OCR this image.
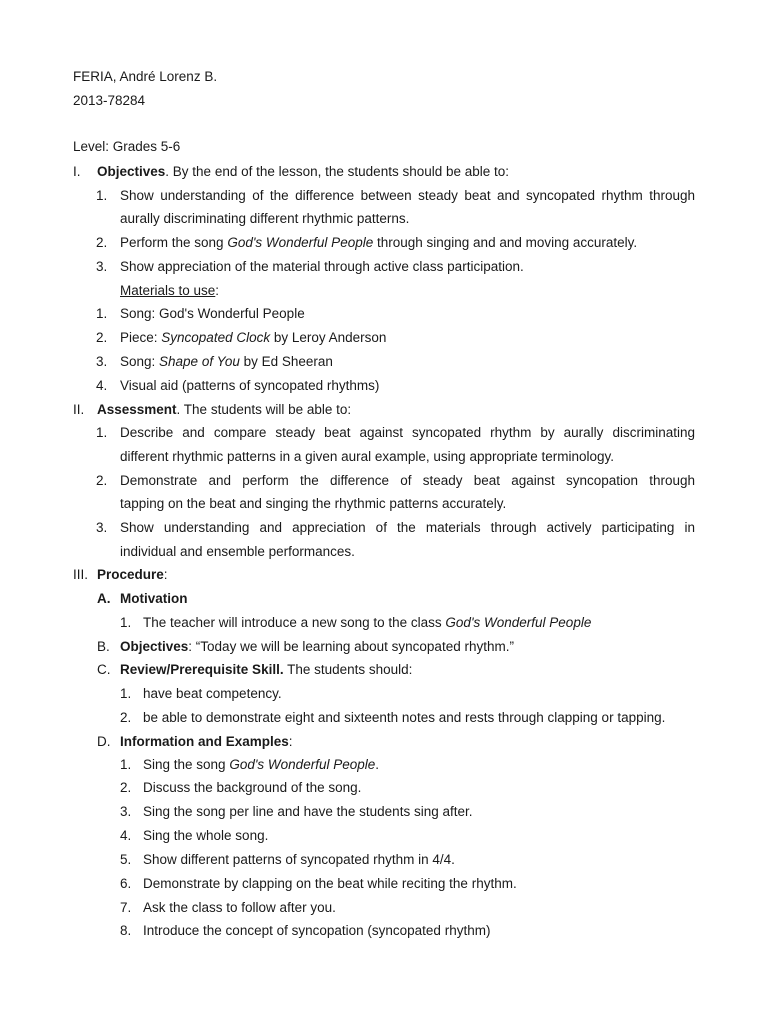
FERIA, André Lorenz B.
2013-78284
Level: Grades 5-6
I. Objectives. By the end of the lesson, the students should be able to:
1. Show understanding of the difference between steady beat and syncopated rhythm through
aurally discriminating different rhythmic patterns.
2. Perform the song God's Wonderful People through singing and and moving accurately.
3. Show appreciation of the material through active class participation.
Materials to use:
1. Song: God's Wonderful People
2. Piece: Syncopated Clock by Leroy Anderson
3. Song: Shape of You by Ed Sheeran
4. Visual aid (patterns of syncopated rhythms)
II. Assessment. The students will be able to:
1. Describe and compare steady beat against syncopated rhythm by aurally discriminating
different rhythmic patterns in a given aural example, using appropriate terminology.
2. Demonstrate and perform the difference of steady beat against syncopation through
tapping on the beat and singing the rhythmic patterns accurately.
3. Show understanding and appreciation of the materials through actively participating in
individual and ensemble performances.
III. Procedure:
A. Motivation
1. The teacher will introduce a new song to the class God's Wonderful People
B. Objectives: “Today we will be learning about syncopated rhythm.”
C. Review/Prerequisite Skill. The students should:
1. have beat competency.
2. be able to demonstrate eight and sixteenth notes and rests through clapping or tapping.
D. Information and Examples:
1. Sing the song God's Wonderful People.
2. Discuss the background of the song.
3. Sing the song per line and have the students sing after.
4. Sing the whole song.
5. Show different patterns of syncopated rhythm in 4/4.
6. Demonstrate by clapping on the beat while reciting the rhythm.
7. Ask the class to follow after you.
8. Introduce the concept of syncopation (syncopated rhythm)
